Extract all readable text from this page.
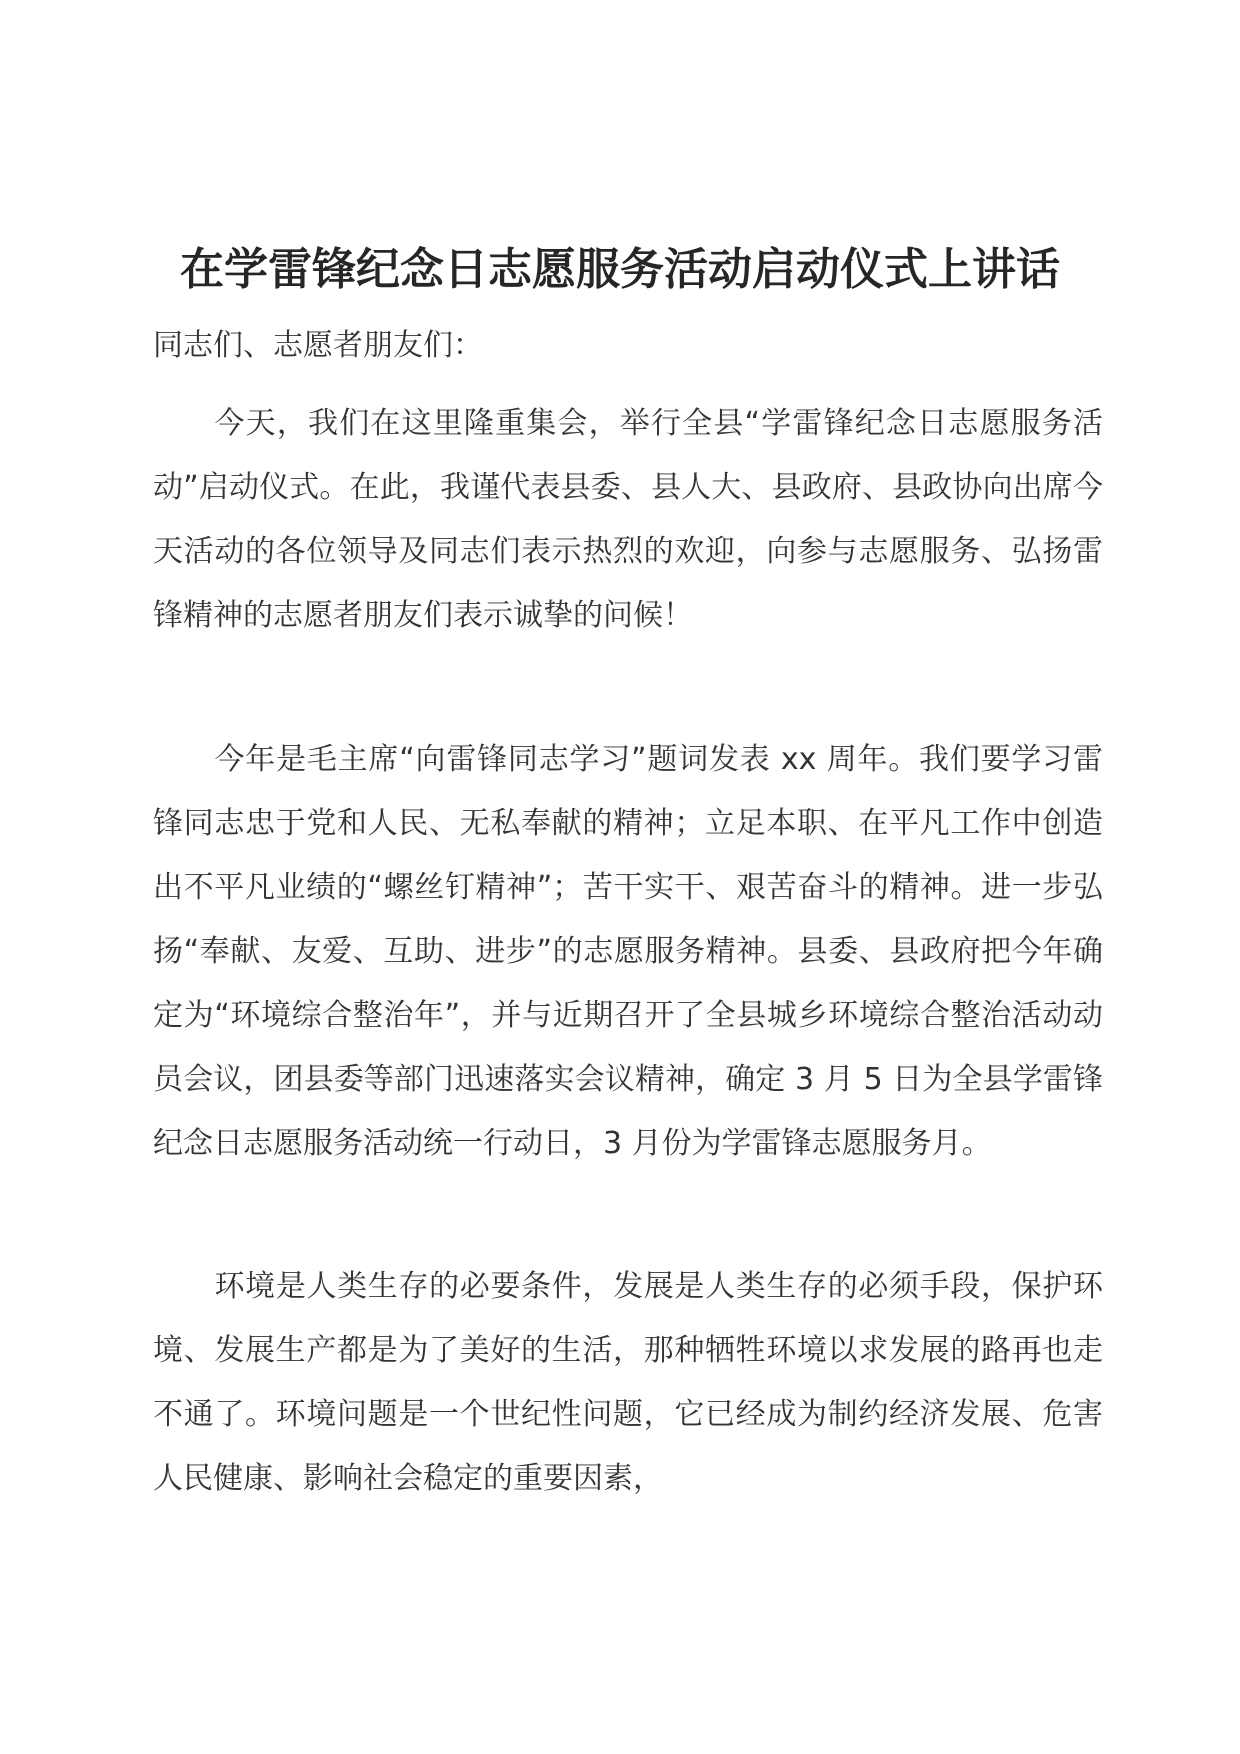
在学雷锋纪念日志愿服务活动启动仪式上讲话
同志们、志愿者朋友们：
今天，我们在这里隆重集会，举行全县“学雷锋纪念日志愿服务活动”启动仪式。在此，我谨代表县委、县人大、县政府、县政协向出席今天活动的各位领导及同志们表示热烈的欢迎，向参与志愿服务、弘扬雷锋精神的志愿者朋友们表示诚挚的问候！
今年是毛主席“向雷锋同志学习”题词发表 xx 周年。我们要学习雷锋同志忠于党和人民、无私奉献的精神；立足本职、在平凡工作中创造出不平凡业绩的“螺丝钉精神”；苦干实干、艰苦奋斗的精神。进一步弘扬“奉献、友爱、互助、进步”的志愿服务精神。县委、县政府把今年确定为“环境综合整治年”，并与近期召开了全县城乡环境综合整治活动动员会议，团县委等部门迅速落实会议精神，确定 3 月 5 日为全县学雷锋纪念日志愿服务活动统一行动日，3 月份为学雷锋志愿服务月。
环境是人类生存的必要条件，发展是人类生存的必须手段，保护环境、发展生产都是为了美好的生活，那种牺牲环境以求发展的路再也走不通了。环境问题是一个世纪性问题，它已经成为制约经济发展、危害人民健康、影响社会稳定的重要因素，
